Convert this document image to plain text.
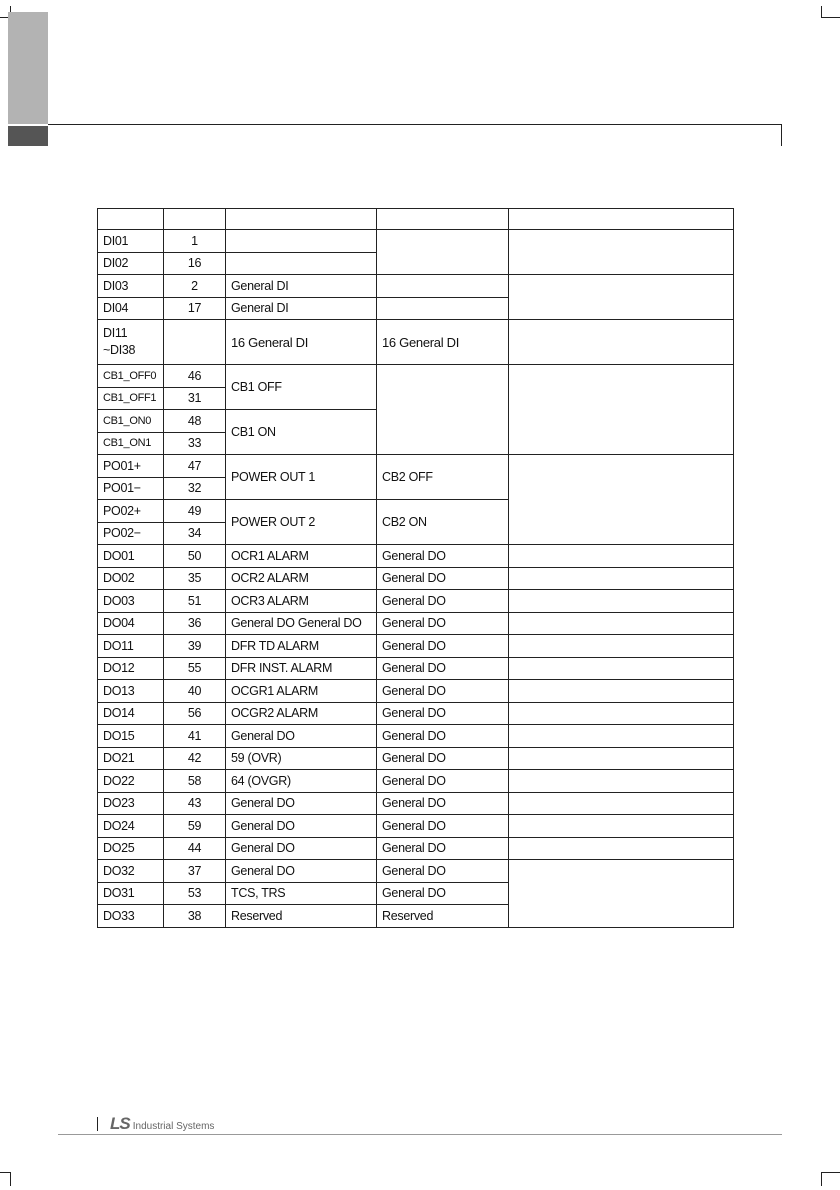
DI01	1			
DI02	16			
DI03	2	General DI		
DI04	17	General DI		
DI11 ~DI38		16 General DI	16 General DI	
CB1_OFF0	46	CB1 OFF		
CB1_OFF1	31			
CB1_ON0	48	CB1 ON		
CB1_ON1	33			
PO01+	47	POWER OUT 1	CB2 OFF	
PO01−	32			
PO02+	49	POWER OUT 2	CB2 ON	
PO02−	34			
DO01	50	OCR1 ALARM	General DO	
DO02	35	OCR2 ALARM	General DO	
DO03	51	OCR3 ALARM	General DO	
DO04	36	General DO General DO	General DO	
DO11	39	DFR TD ALARM	General DO	
DO12	55	DFR INST. ALARM	General DO	
DO13	40	OCGR1 ALARM	General DO	
DO14	56	OCGR2 ALARM	General DO	
DO15	41	General DO	General DO	
DO21	42	59 (OVR)	General DO	
DO22	58	64 (OVGR)	General DO	
DO23	43	General DO	General DO	
DO24	59	General DO	General DO	
DO25	44	General DO	General DO	
DO32	37	General DO	General DO	
DO31	53	TCS, TRS	General DO	
DO33	38	Reserved	Reserved	
LS Industrial Systems
